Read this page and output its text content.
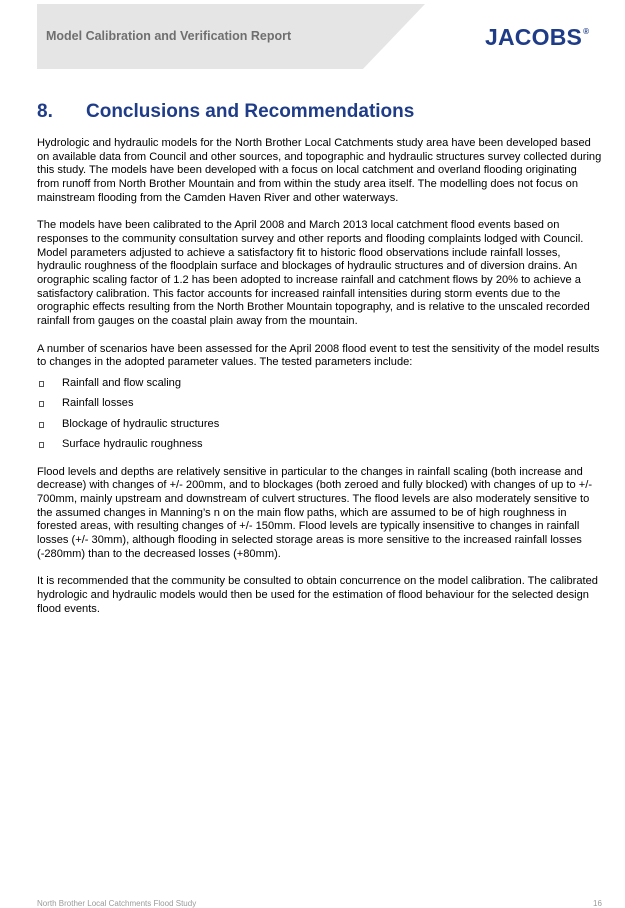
Model Calibration and Verification Report	JACOBS®
8. Conclusions and Recommendations

Hydrologic and hydraulic models for the North Brother Local Catchments study area have been developed based on available data from Council and other sources, and topographic and hydraulic structures survey collected during this study. The models have been developed with a focus on local catchment and overland flooding originating from runoff from North Brother Mountain and from within the study area itself. The modelling does not focus on mainstream flooding from the Camden Haven River and other waterways.

The models have been calibrated to the April 2008 and March 2013 local catchment flood events based on responses to the community consultation survey and other reports and flooding complaints lodged with Council. Model parameters adjusted to achieve a satisfactory fit to historic flood observations include rainfall losses, hydraulic roughness of the floodplain surface and blockages of hydraulic structures and of diversion drains. An orographic scaling factor of 1.2 has been adopted to increase rainfall and catchment flows by 20% to achieve a satisfactory calibration. This factor accounts for increased rainfall intensities during storm events due to the orographic effects resulting from the North Brother Mountain topography, and is relative to the unscaled recorded rainfall from gauges on the coastal plain away from the mountain.

A number of scenarios have been assessed for the April 2008 flood event to test the sensitivity of the model results to changes in the adopted parameter values. The tested parameters include:

Rainfall and flow scaling
Rainfall losses
Blockage of hydraulic structures
Surface hydraulic roughness

Flood levels and depths are relatively sensitive in particular to the changes in rainfall scaling (both increase and decrease) with changes of +/- 200mm, and to blockages (both zeroed and fully blocked) with changes of up to +/- 700mm, mainly upstream and downstream of culvert structures. The flood levels are also moderately sensitive to the assumed changes in Manning’s n on the main flow paths, which are assumed to be of high roughness in forested areas, with resulting changes of +/- 150mm. Flood levels are typically insensitive to changes in rainfall losses (+/- 30mm), although flooding in selected storage areas is more sensitive to the increased rainfall losses (-280mm) than to the decreased losses (+80mm).

It is recommended that the community be consulted to obtain concurrence on the model calibration. The calibrated hydrologic and hydraulic models would then be used for the estimation of flood behaviour for the selected design flood events.

North Brother Local Catchments Flood Study	16
